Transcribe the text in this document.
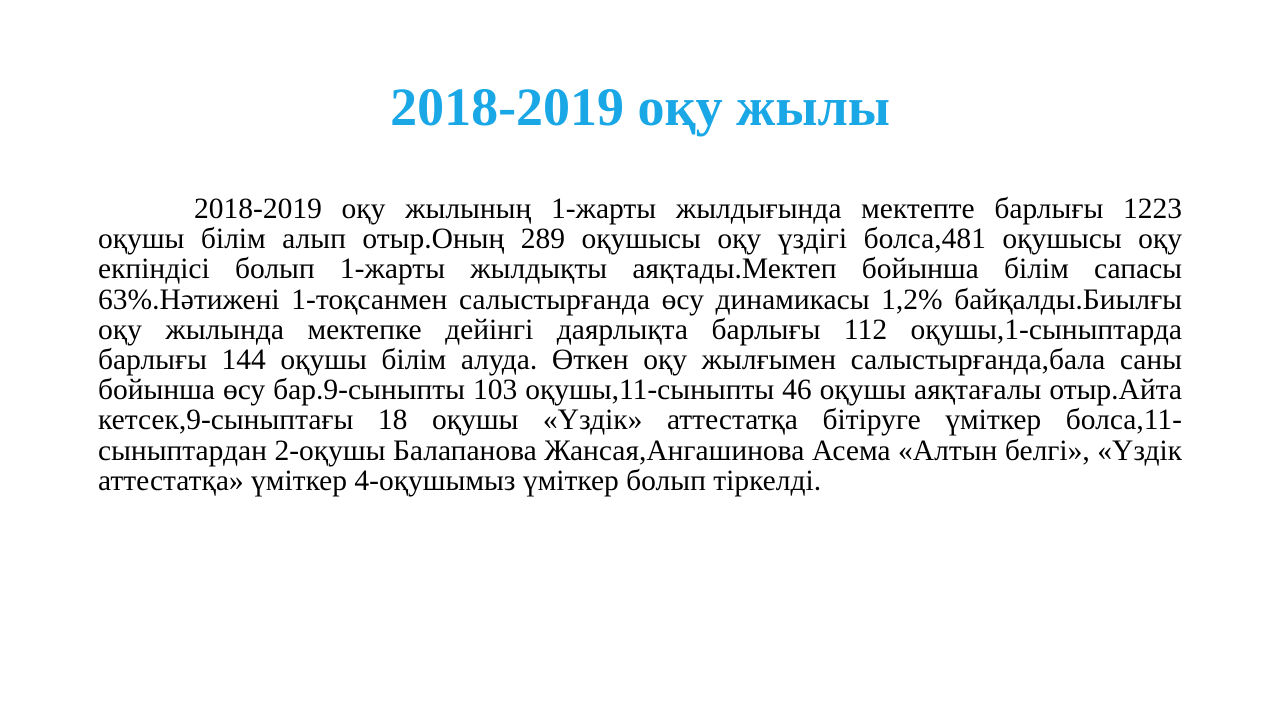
2018-2019 оқу жылы

2018-2019 оқу жылының 1-жарты жылдығында мектепте барлығы 1223 оқушы білім алып отыр.Оның 289 оқушысы оқу үздігі болса,481 оқушысы оқу екпіндісі болып 1-жарты жылдықты аяқтады.Мектеп бойынша білім сапасы 63%.Нәтижені 1-тоқсанмен салыстырғанда өсу динамикасы 1,2% байқалды.Биылғы оқу жылында мектепке дейінгі даярлықта барлығы 112 оқушы,1-сыныптарда барлығы 144 оқушы білім алуда. Өткен оқу жылғымен салыстырғанда,бала саны бойынша өсу бар.9-сыныпты 103 оқушы,11-сыныпты 46 оқушы аяқтағалы отыр.Айта кетсек,9-сыныптағы 18 оқушы «Үздік» аттестатқа бітіруге үміткер болса,11-сыныптардан 2-оқушы Балапанова Жансая,Ангашинова Асема «Алтын белгі», «Үздік аттестатқа» үміткер 4-оқушымыз үміткер болып тіркелді.
